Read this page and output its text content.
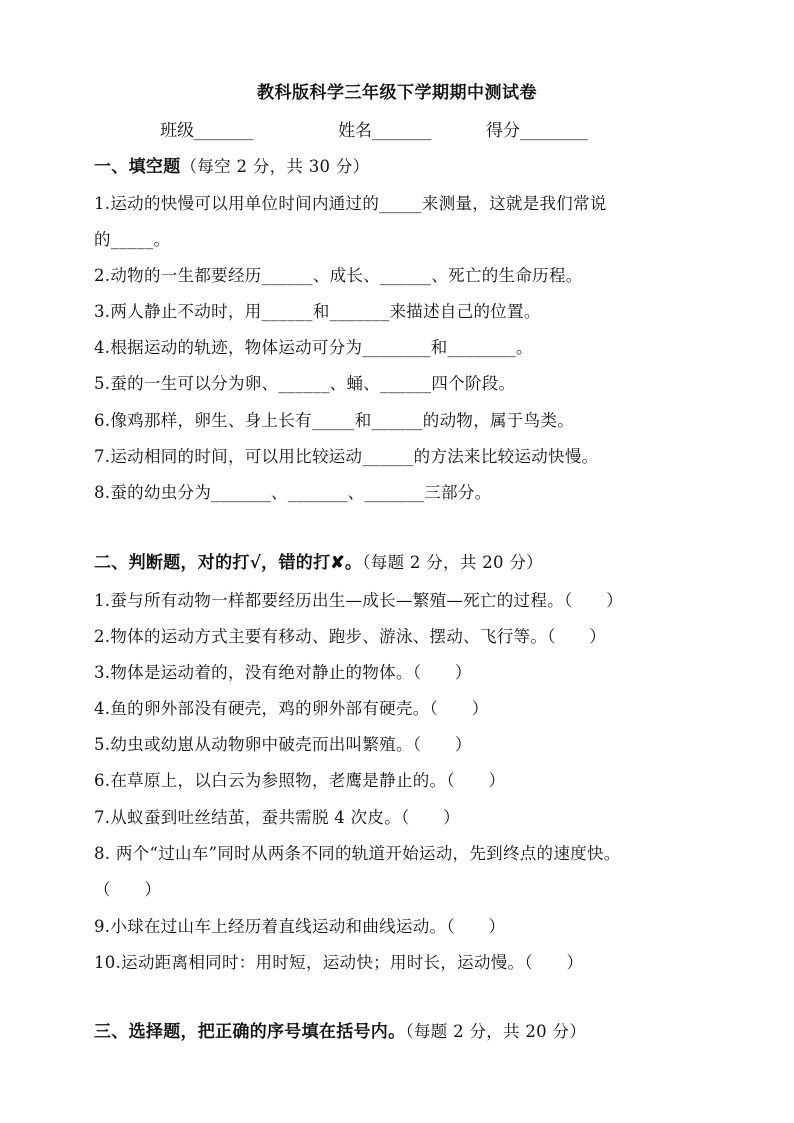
教科版科学三年级下学期期中测试卷
班级_______	姓名_______	得分________
一、填空题（每空 2 分，共 30 分）
1.运动的快慢可以用单位时间内通过的_____来测量，这就是我们常说
的_____。
2.动物的一生都要经历______、成长、______、死亡的生命历程。
3.两人静止不动时，用______和_______来描述自己的位置。
4.根据运动的轨迹，物体运动可分为________和________。
5.蚕的一生可以分为卵、______、蛹、______四个阶段。
6.像鸡那样，卵生、身上长有_____和______的动物，属于鸟类。
7.运动相同的时间，可以用比较运动______的方法来比较运动快慢。
8.蚕的幼虫分为_______、_______、_______三部分。
二、判断题，对的打√，错的打✘。（每题 2 分，共 20 分）
1.蚕与所有动物一样都要经历出生—成长—繁殖—死亡的过程。（　　）
2.物体的运动方式主要有移动、跑步、游泳、摆动、飞行等。（　　）
3.物体是运动着的，没有绝对静止的物体。（　　）
4.鱼的卵外部没有硬壳，鸡的卵外部有硬壳。（　　）
5.幼虫或幼崽从动物卵中破壳而出叫繁殖。（　　）
6.在草原上，以白云为参照物，老鹰是静止的。（　　）
7.从蚁蚕到吐丝结茧，蚕共需脱 4 次皮。（　　）
8. 两个“过山车”同时从两条不同的轨道开始运动，先到终点的速度快。
（　　）
9.小球在过山车上经历着直线运动和曲线运动。（　　）
10.运动距离相同时：用时短，运动快；用时长，运动慢。（　　）
三、选择题，把正确的序号填在括号内。（每题 2 分，共 20 分）
